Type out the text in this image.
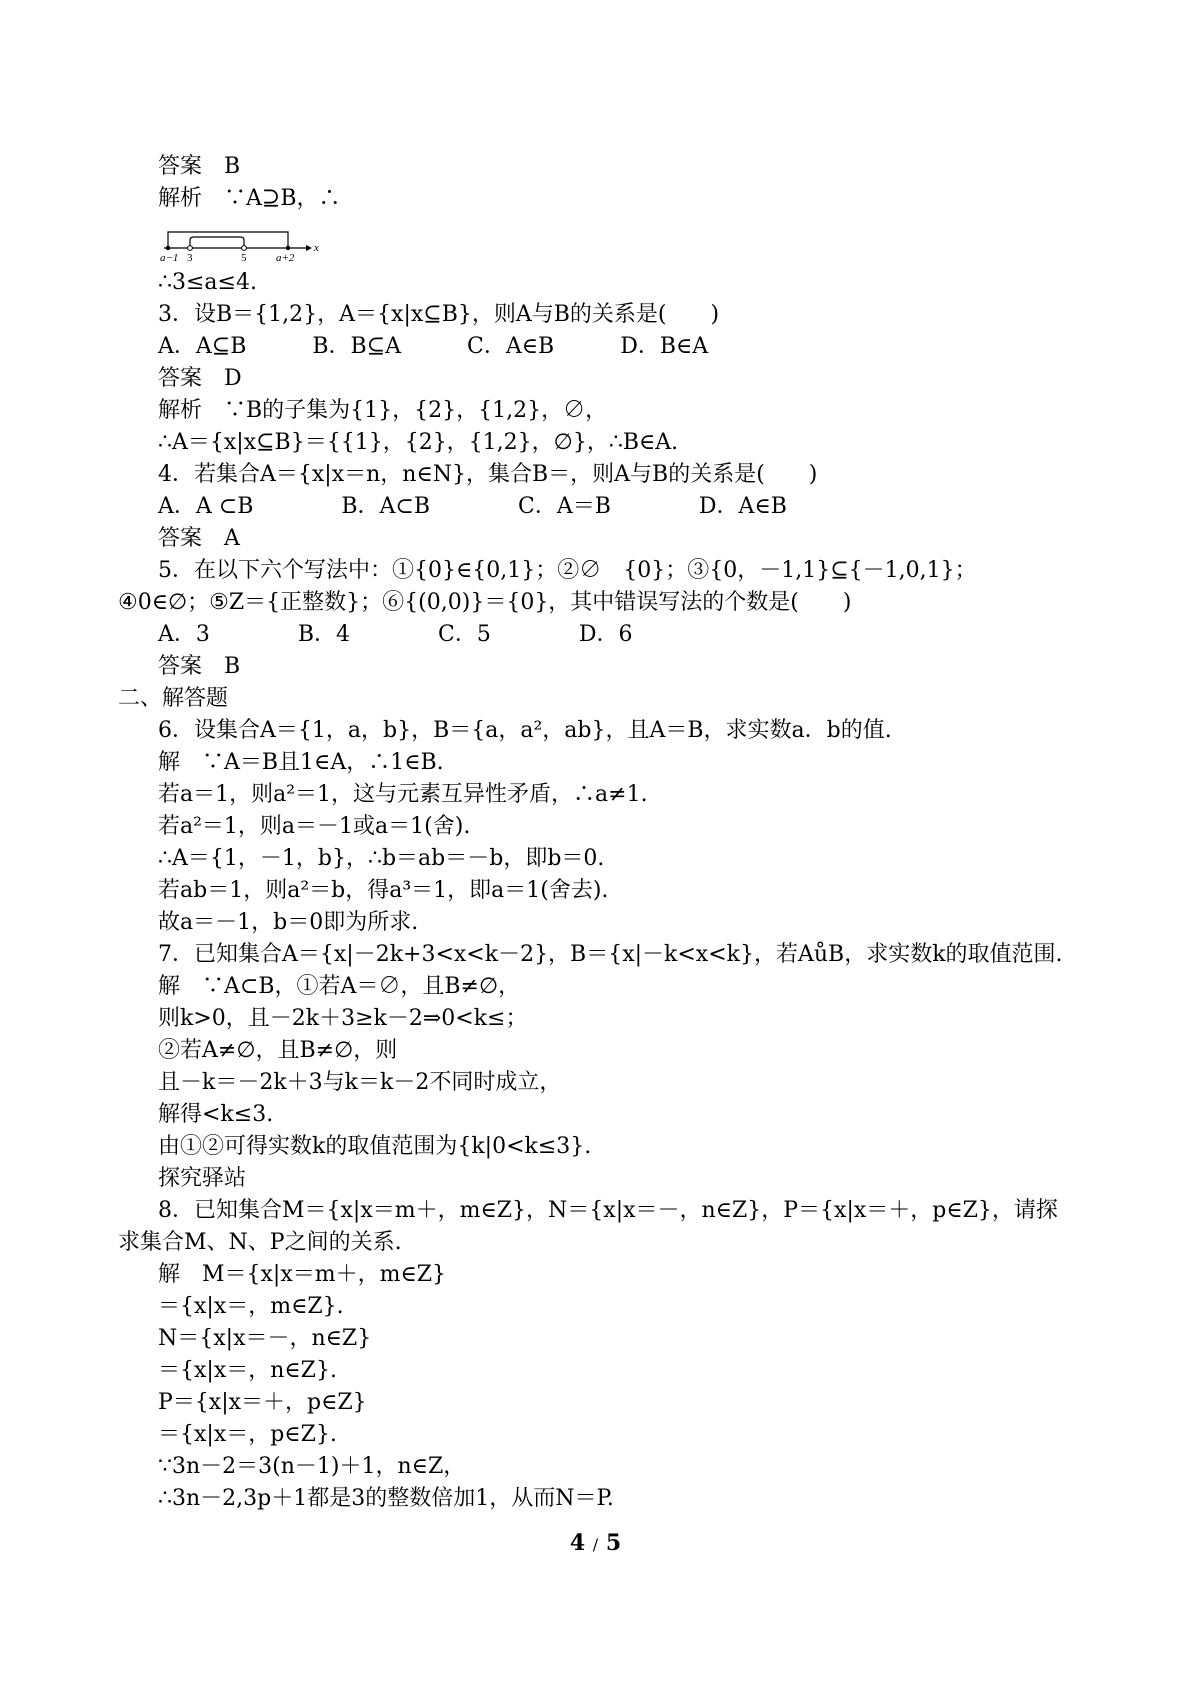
答案　B
解析　∵A⊇B，∴
∴3≤a≤4.
3．设B＝{1,2}，A＝{x|x⊆B}，则A与B的关系是(　　)
A．A⊆B　　　B．B⊆A　　　C．A∈B　　　D．B∈A
答案　D
解析　∵B的子集为{1}，{2}，{1,2}，∅，
∴A＝{x|x⊆B}＝{{1}，{2}，{1,2}，∅}，∴B∈A.
4．若集合A＝{x|x＝n，n∈N}，集合B＝，则A与B的关系是(　　)
A．A ⊂B　　　　B．A⊂B　　　　C．A＝B　　　　D．A∈B
答案　A
5．在以下六个写法中：①{0}∈{0,1}；②∅　{0}；③{0，－1,1}⊆{－1,0,1}；
④0∈∅；⑤Z＝{正整数}；⑥{(0,0)}＝{0}，其中错误写法的个数是(　　)
A．3　　　　B．4　　　　C．5　　　　D．6
答案　B
二、解答题
6．设集合A＝{1，a，b}，B＝{a，a²，ab}，且A＝B，求实数a．b的值.
解　∵A＝B且1∈A，∴1∈B.
若a＝1，则a²＝1，这与元素互异性矛盾，∴a≠1.
若a²＝1，则a＝－1或a＝1(舍).
∴A＝{1，－1，b}，∴b＝ab＝－b，即b＝0.
若ab＝1，则a²＝b，得a³＝1，即a＝1(舍去).
故a＝－1，b＝0即为所求.
7．已知集合A＝{x|－2k+3<x<k－2}，B＝{x|－k<x<k}，若AůB，求实数k的取值范围.
解　∵A⊂B，①若A＝∅，且B≠∅，
则k>0，且－2k＋3≥k－2⇒0<k≤；
②若A≠∅，且B≠∅，则
且－k＝－2k＋3与k＝k－2不同时成立，
解得<k≤3.
由①②可得实数k的取值范围为{k|0<k≤3}.
探究驿站
8．已知集合M＝{x|x＝m＋，m∈Z}，N＝{x|x＝－，n∈Z}，P＝{x|x＝＋，p∈Z}，请探
求集合M、N、P之间的关系.
解　M＝{x|x＝m＋，m∈Z}
＝{x|x＝，m∈Z}.
N＝{x|x＝－，n∈Z}
＝{x|x＝，n∈Z}.
P＝{x|x＝＋，p∈Z}
＝{x|x＝，p∈Z}.
∵3n－2＝3(n－1)＋1，n∈Z，
∴3n－2,3p＋1都是3的整数倍加1，从而N＝P.
a−1 3	5	a+2
x
4 / 5
